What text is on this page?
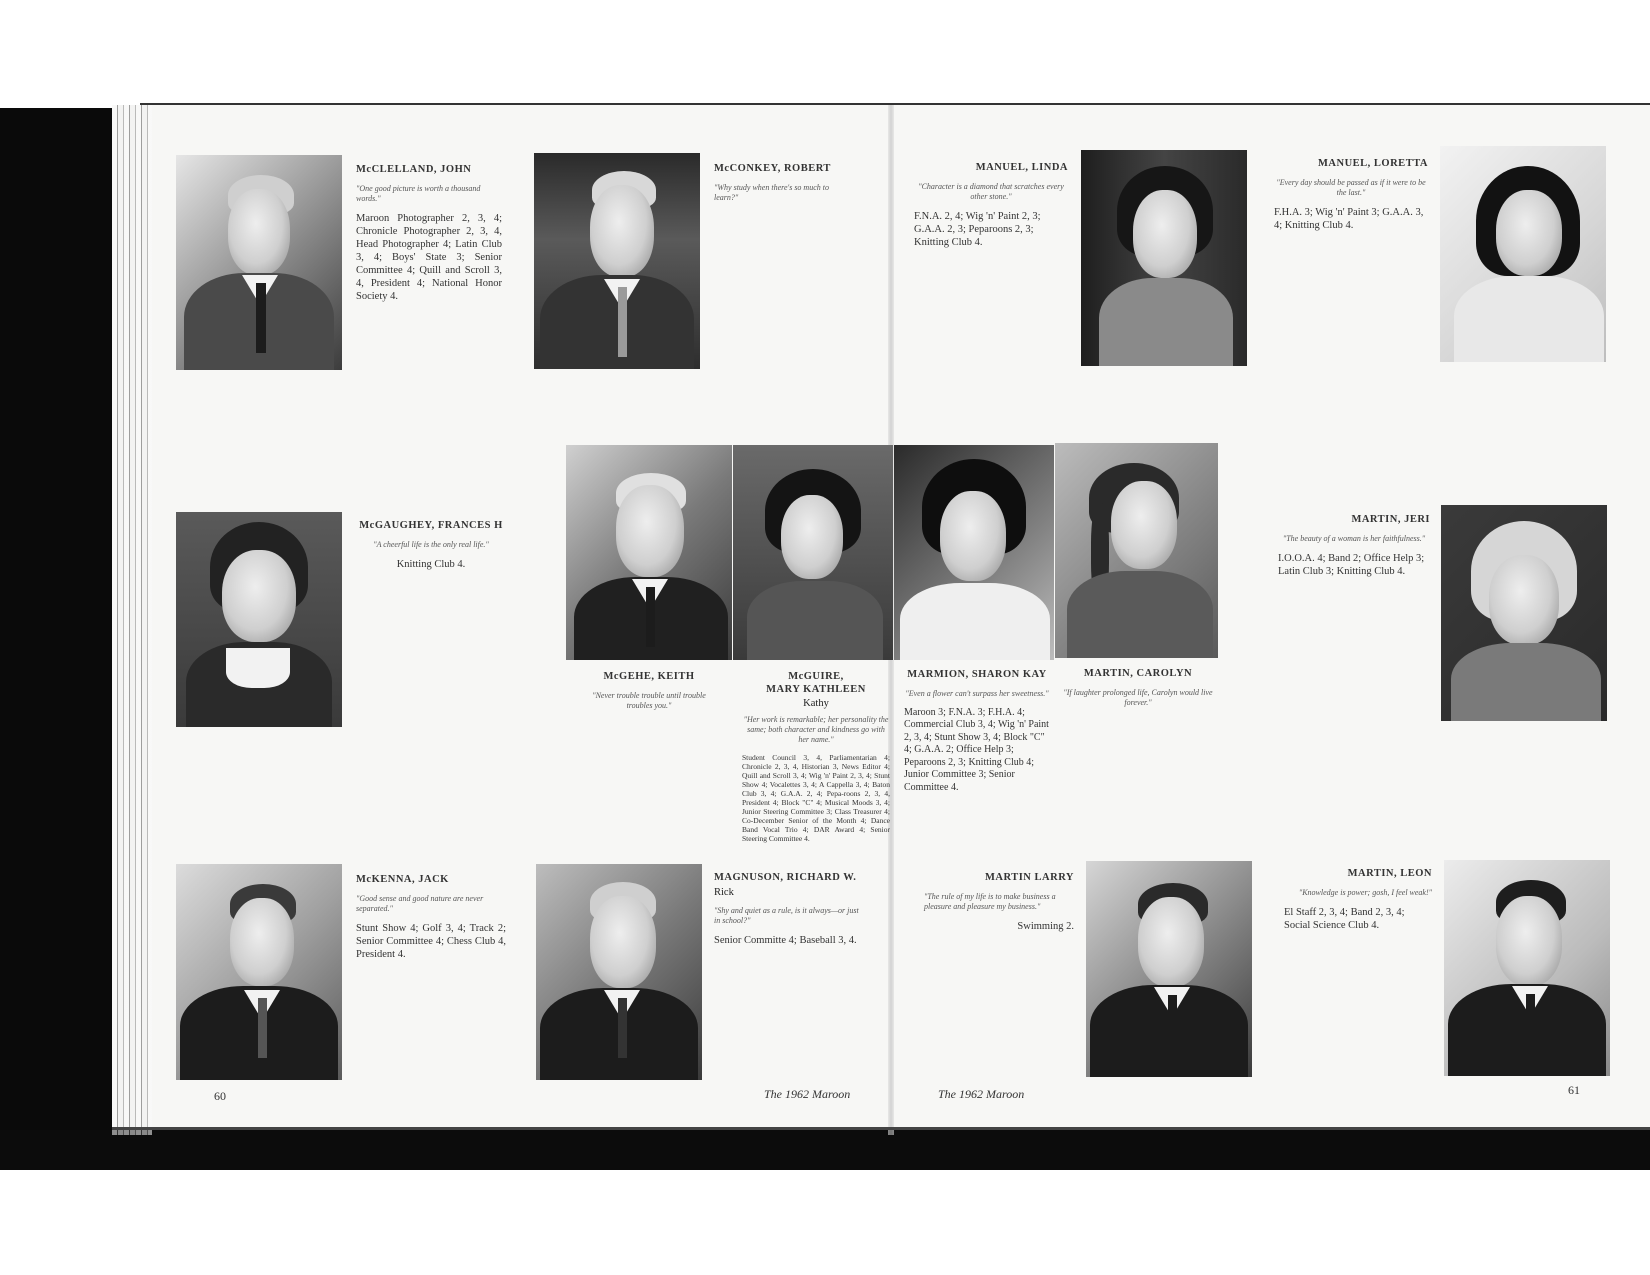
McCLELLAND, JOHN
"One good picture is worth a thousand words."
Maroon Photographer 2, 3, 4; Chronicle Photographer 2, 3, 4, Head Photographer 4; Latin Club 3, 4; Boys' State 3; Senior Committee 4; Quill and Scroll 3, 4, President 4; National Honor Society 4.
McCONKEY, ROBERT
"Why study when there's so much to learn?"
MANUEL, LINDA
"Character is a diamond that scratches every other stone."
F.N.A. 2, 4; Wig 'n' Paint 2, 3; G.A.A. 2, 3; Peparoons 2, 3; Knitting Club 4.
MANUEL, LORETTA
"Every day should be passed as if it were to be the last."
F.H.A. 3; Wig 'n' Paint 3; G.A.A. 3, 4; Knitting Club 4.
McGAUGHEY, FRANCES H
"A cheerful life is the only real life."
Knitting Club 4.
McGEHE, KEITH
"Never trouble trouble until trouble troubles you."
McGUIRE,
MARY KATHLEEN
Kathy
"Her work is remarkable; her personality the same; both character and kindness go with her name."
Student Council 3, 4, Parliamentarian 4; Chronicle 2, 3, 4, Historian 3, News Editor 4; Quill and Scroll 3, 4; Wig 'n' Paint 2, 3, 4; Stunt Show 4; Vocalettes 3, 4; A Cappella 3, 4; Baton Club 3, 4; G.A.A. 2, 4; Pepa-roons 2, 3, 4, President 4; Block "C" 4; Musical Moods 3, 4; Junior Steering Committee 3; Class Treasurer 4; Co-December Senior of the Month 4; Dance Band Vocal Trio 4; DAR Award 4; Senior Steering Committee 4.
MARMION, SHARON KAY
"Even a flower can't surpass her sweetness."
Maroon 3; F.N.A. 3; F.H.A. 4; Commercial Club 3, 4; Wig 'n' Paint 2, 3, 4; Stunt Show 3, 4; Block "C" 4; G.A.A. 2; Office Help 3; Peparoons 2, 3; Knitting Club 4; Junior Committee 3; Senior Committee 4.
MARTIN, CAROLYN
"If laughter prolonged life, Carolyn would live forever."
MARTIN, JERI
"The beauty of a woman is her faithfulness."
I.O.O.A. 4; Band 2; Office Help 3; Latin Club 3; Knitting Club 4.
McKENNA, JACK
"Good sense and good nature are never separated."
Stunt Show 4; Golf 3, 4; Track 2; Senior Committee 4; Chess Club 4, President 4.
MAGNUSON, RICHARD W.
Rick
"Shy and quiet as a rule, is it always—or just in school?"
Senior Committe 4; Baseball 3, 4.
MARTIN LARRY
"The rule of my life is to make business a pleasure and pleasure my business."
Swimming 2.
MARTIN, LEON
"Knowledge is power; gosh, I feel weak!"
El Staff 2, 3, 4; Band 2, 3, 4; Social Science Club 4.
60	The 1962 Maroon	The 1962 Maroon	61
